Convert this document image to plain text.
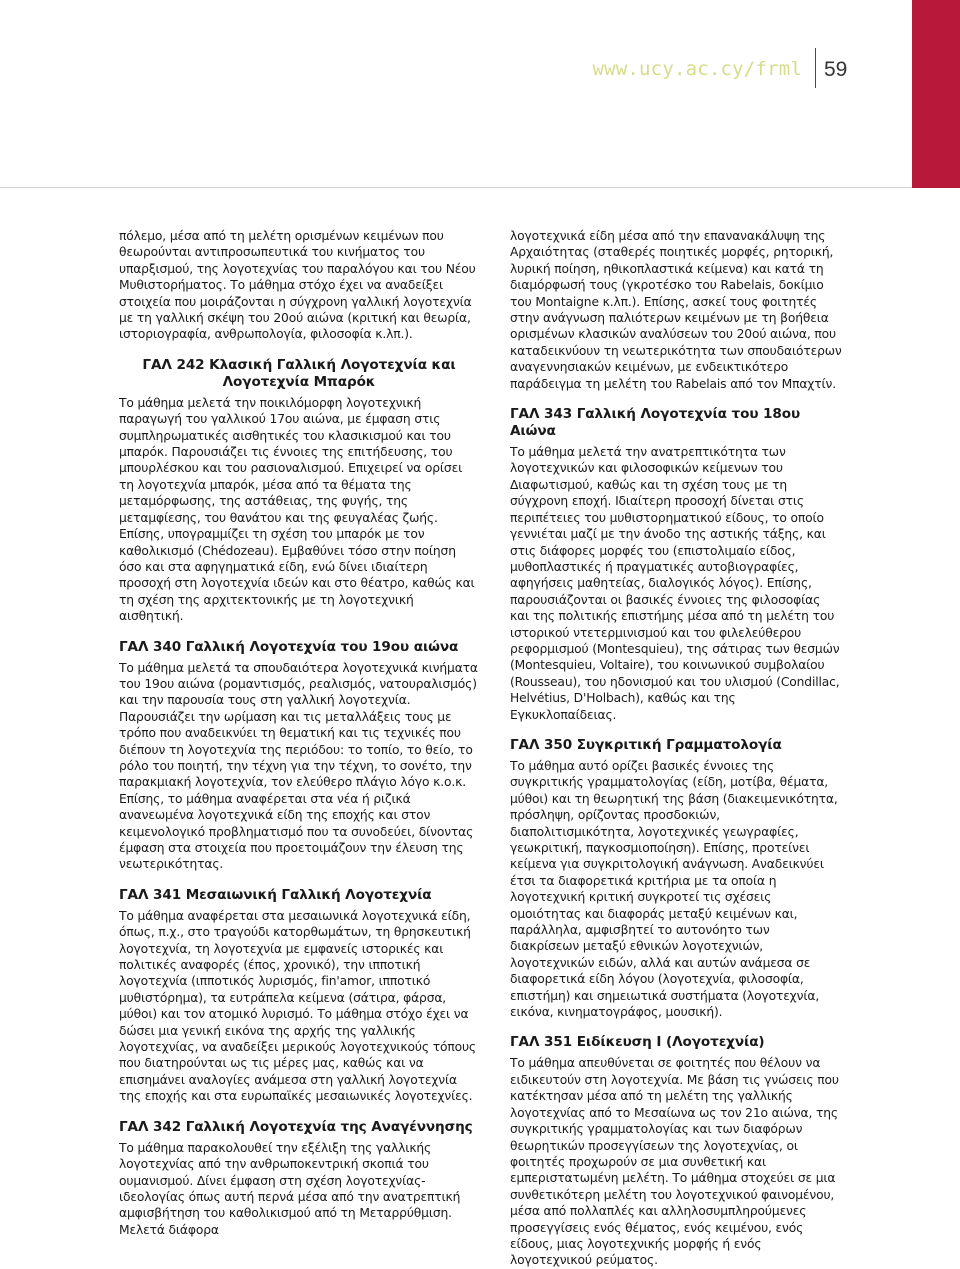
www.ucy.ac.cy/frml 59

πόλεμο, μέσα από τη μελέτη ορισμένων κειμένων που θεωρούνται αντιπροσωπευτικά του κινήματος του υπαρξισμού, της λογοτεχνίας του παραλόγου και του Νέου Μυθιστορήματος. Το μάθημα στόχο έχει να αναδείξει στοιχεία που μοιράζονται η σύγχρονη γαλλική λογοτεχνία με τη γαλλική σκέψη του 20ού αιώνα (κριτική και θεωρία, ιστοριογραφία, ανθρωπολογία, φιλοσοφία κ.λπ.).

ΓΑΛ 242 Κλασική Γαλλική Λογοτεχνία και Λογοτεχνία Μπαρόκ

Το μάθημα μελετά την ποικιλόμορφη λογοτεχνική παραγωγή του γαλλικού 17ου αιώνα, με έμφαση στις συμπληρωματικές αισθητικές του κλασικισμού και του μπαρόκ. Παρουσιάζει τις έννοιες της επιτήδευσης, του μπουρλέσκου και του ρασιοναλισμού. Επιχειρεί να ορίσει τη λογοτεχνία μπαρόκ, μέσα από τα θέματα της μεταμόρφωσης, της αστάθειας, της φυγής, της μεταμφίεσης, του θανάτου και της φευγαλέας ζωής. Επίσης, υπογραμμίζει τη σχέση του μπαρόκ με τον καθολικισμό (Chédozeau). Εμβαθύνει τόσο στην ποίηση όσο και στα αφηγηματικά είδη, ενώ δίνει ιδιαίτερη προσοχή στη λογοτεχνία ιδεών και στο θέατρο, καθώς και τη σχέση της αρχιτεκτονικής με τη λογοτεχνική αισθητική.

ΓΑΛ 340 Γαλλική Λογοτεχνία του 19ου αιώνα

Το μάθημα μελετά τα σπουδαιότερα λογοτεχνικά κινήματα του 19ου αιώνα (ρομαντισμός, ρεαλισμός, νατουραλισμός) και την παρουσία τους στη γαλλική λογοτεχνία. Παρουσιάζει την ωρίμαση και τις μεταλλάξεις τους με τρόπο που αναδεικνύει τη θεματική και τις τεχνικές που διέπουν τη λογοτεχνία της περιόδου: το τοπίο, το θείο, το ρόλο του ποιητή, την τέχνη για την τέχνη, το σονέτο, την παρακμιακή λογοτεχνία, τον ελεύθερο πλάγιο λόγο κ.ο.κ. Επίσης, το μάθημα αναφέρεται στα νέα ή ριζικά ανανεωμένα λογοτεχνικά είδη της εποχής και στον κειμενολογικό προβληματισμό που τα συνοδεύει, δίνοντας έμφαση στα στοιχεία που προετοιμάζουν την έλευση της νεωτερικότητας.

ΓΑΛ 341 Μεσαιωνική Γαλλική Λογοτεχνία

Το μάθημα αναφέρεται στα μεσαιωνικά λογοτεχνικά είδη, όπως, π.χ., στο τραγούδι κατορθωμάτων, τη θρησκευτική λογοτεχνία, τη λογοτεχνία με εμφανείς ιστορικές και πολιτικές αναφορές (έπος, χρονικό), την ιπποτική λογοτεχνία (ιπποτικός λυρισμός, fin'amor, ιπποτικό μυθιστόρημα), τα ευτράπελα κείμενα (σάτιρα, φάρσα, μύθοι) και τον ατομικό λυρισμό. Το μάθημα στόχο έχει να δώσει μια γενική εικόνα της αρχής της γαλλικής λογοτεχνίας, να αναδείξει μερικούς λογοτεχνικούς τόπους που διατηρούνται ως τις μέρες μας, καθώς και να επισημάνει αναλογίες ανάμεσα στη γαλλική λογοτεχνία της εποχής και στα ευρωπαϊκές μεσαιωνικές λογοτεχνίες.

ΓΑΛ 342 Γαλλική Λογοτεχνία της Αναγέννησης

Το μάθημα παρακολουθεί την εξέλιξη της γαλλικής λογοτεχνίας από την ανθρωποκεντρική σκοπιά του ουμανισμού. Δίνει έμφαση στη σχέση λογοτεχνίας-ιδεολογίας όπως αυτή περνά μέσα από την ανατρεπτική αμφισβήτηση του καθολικισμού από τη Μεταρρύθμιση. Μελετά διάφορα

λογοτεχνικά είδη μέσα από την επανανακάλυψη της Αρχαιότητας (σταθερές ποιητικές μορφές, ρητορική, λυρική ποίηση, ηθικοπλαστικά κείμενα) και κατά τη διαμόρφωσή τους (γκροτέσκο του Rabelais, δοκίμιο του Montaigne κ.λπ.). Επίσης, ασκεί τους φοιτητές στην ανάγνωση παλιότερων κειμένων με τη βοήθεια ορισμένων κλασικών αναλύσεων του 20ού αιώνα, που καταδεικνύουν τη νεωτερικότητα των σπουδαιότερων αναγεννησιακών κειμένων, με ενδεικτικότερο παράδειγμα τη μελέτη του Rabelais από τον Μπαχτίν.

ΓΑΛ 343 Γαλλική Λογοτεχνία του 18ου Αιώνα

Το μάθημα μελετά την ανατρεπτικότητα των λογοτεχνικών και φιλοσοφικών κείμενων του Διαφωτισμού, καθώς και τη σχέση τους με τη σύγχρονη εποχή. Ιδιαίτερη προσοχή δίνεται στις περιπέτειες του μυθιστορηματικού είδους, το οποίο γεννιέται μαζί με την άνοδο της αστικής τάξης, και στις διάφορες μορφές του (επιστολιμαίο είδος, μυθοπλαστικές ή πραγματικές αυτοβιογραφίες, αφηγήσεις μαθητείας, διαλογικός λόγος). Επίσης, παρουσιάζονται οι βασικές έννοιες της φιλοσοφίας και της πολιτικής επιστήμης μέσα από τη μελέτη του ιστορικού ντετερμινισμού και του φιλελεύθερου ρεφορμισμού (Montesquieu), της σάτιρας των θεσμών (Montesquieu, Voltaire), του κοινωνικού συμβολαίου (Rousseau), του ηδονισμού και του υλισμού (Condillac, Helvétius, D'Holbach), καθώς και της Εγκυκλοπαίδειας.

ΓΑΛ 350 Συγκριτική Γραμματολογία

Το μάθημα αυτό ορίζει βασικές έννοιες της συγκριτικής γραμματολογίας (είδη, μοτίβα, θέματα, μύθοι) και τη θεωρητική της βάση (διακειμενικότητα, πρόσληψη, ορίζοντας προσδοκιών, διαπολιτισμικότητα, λογοτεχνικές γεωγραφίες, γεωκριτική, παγκοσμιοποίηση). Επίσης, προτείνει κείμενα για συγκριτολογική ανάγνωση. Αναδεικνύει έτσι τα διαφορετικά κριτήρια με τα οποία η λογοτεχνική κριτική συγκροτεί τις σχέσεις ομοιότητας και διαφοράς μεταξύ κειμένων και, παράλληλα, αμφισβητεί το αυτονόητο των διακρίσεων μεταξύ εθνικών λογοτεχνιών, λογοτεχνικών ειδών, αλλά και αυτών ανάμεσα σε διαφορετικά είδη λόγου (λογοτεχνία, φιλοσοφία, επιστήμη) και σημειωτικά συστήματα (λογοτεχνία, εικόνα, κινηματογράφος, μουσική).

ΓΑΛ 351 Ειδίκευση Ι (Λογοτεχνία)

Το μάθημα απευθύνεται σε φοιτητές που θέλουν να ειδικευτούν στη λογοτεχνία. Με βάση τις γνώσεις που κατέκτησαν μέσα από τη μελέτη της γαλλικής λογοτεχνίας από το Μεσαίωνα ως τον 21ο αιώνα, της συγκριτικής γραμματολογίας και των διαφόρων θεωρητικών προσεγγίσεων της λογοτεχνίας, οι φοιτητές προχωρούν σε μια συνθετική και εμπεριστατωμένη μελέτη. Το μάθημα στοχεύει σε μια συνθετικότερη μελέτη του λογοτεχνικού φαινομένου, μέσα από πολλαπλές και αλληλοσυμπληρούμενες προσεγγίσεις ενός θέματος, ενός κειμένου, ενός είδους, μιας λογοτεχνικής μορφής ή ενός λογοτεχνικού ρεύματος.
